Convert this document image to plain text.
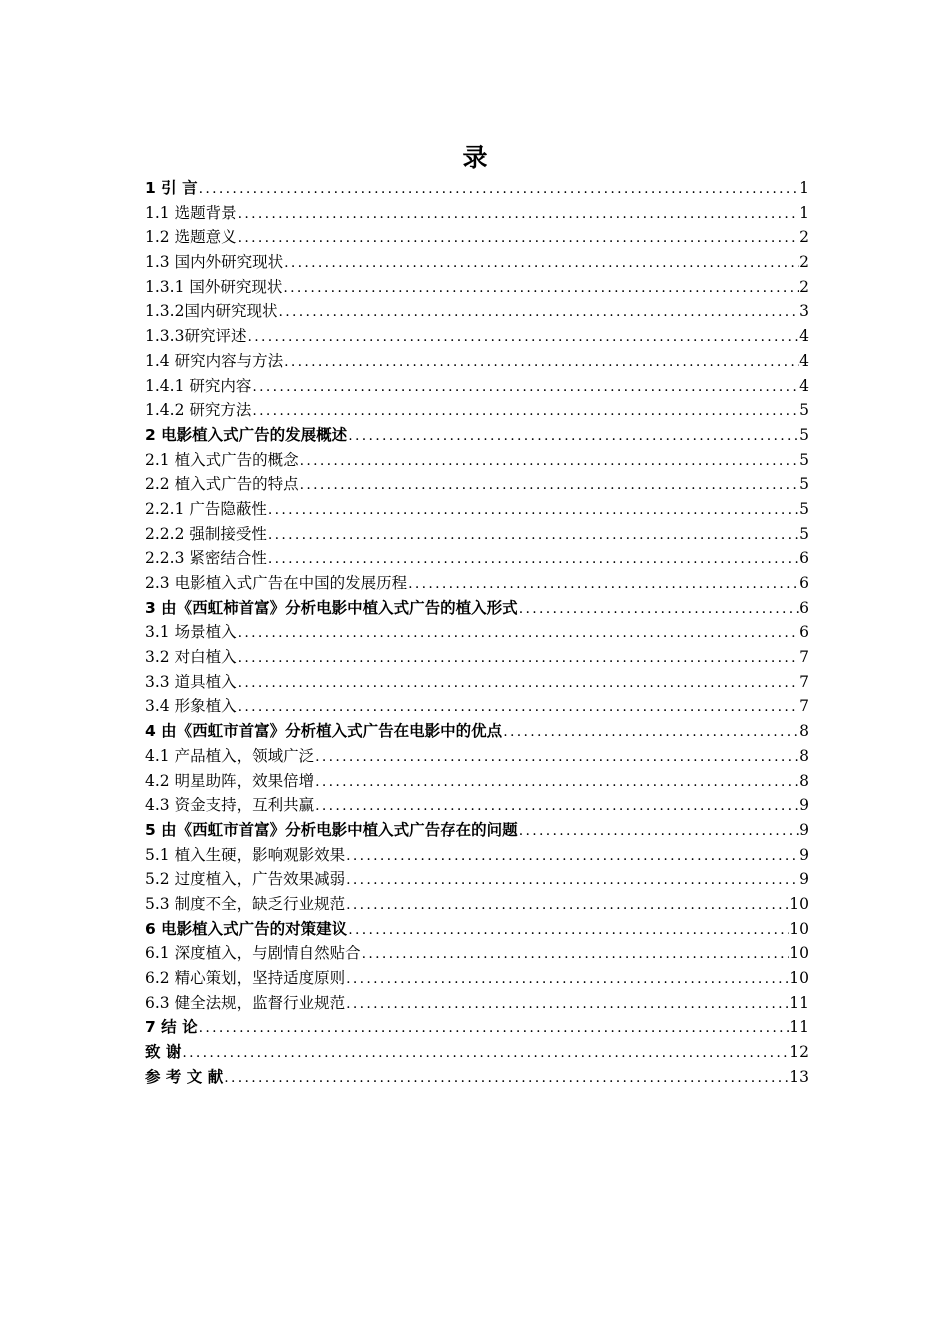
录
1 引 言 .....	1
1.1 选题背景 .....	1
1.2 选题意义 .....	2
1.3 国内外研究现状 .....	2
1.3.1 国外研究现状 .....	2
1.3.2国内研究现状 .....	3
1.3.3研究评述 .....	4
1.4 研究内容与方法 .....	4
1.4.1 研究内容 .....	4
1.4.2 研究方法 .....	5
2 电影植入式广告的发展概述 .....	5
2.1 植入式广告的概念 .....	5
2.2 植入式广告的特点 .....	5
2.2.1 广告隐蔽性 .....	5
2.2.2 强制接受性 .....	5
2.2.3 紧密结合性 .....	6
2.3 电影植入式广告在中国的发展历程 .....	6
3 由《西虹柿首富》分析电影中植入式广告的植入形式 .....	6
3.1 场景植入 .....	6
3.2 对白植入 .....	7
3.3 道具植入 .....	7
3.4 形象植入 .....	7
4 由《西虹市首富》分析植入式广告在电影中的优点 .....	8
4.1 产品植入，领域广泛 .....	8
4.2 明星助阵，效果倍增 .....	8
4.3 资金支持，互利共赢 .....	9
5 由《西虹市首富》分析电影中植入式广告存在的问题 .....	9
5.1 植入生硬，影响观影效果 .....	9
5.2 过度植入，广告效果减弱 .....	9
5.3 制度不全，缺乏行业规范 .....	10
6 电影植入式广告的对策建议 .....	10
6.1 深度植入，与剧情自然贴合 .....	10
6.2 精心策划，坚持适度原则 .....	10
6.3 健全法规，监督行业规范 .....	11
7 结 论 .....	11
致 谢 .....	12
参 考 文 献 .....	13
